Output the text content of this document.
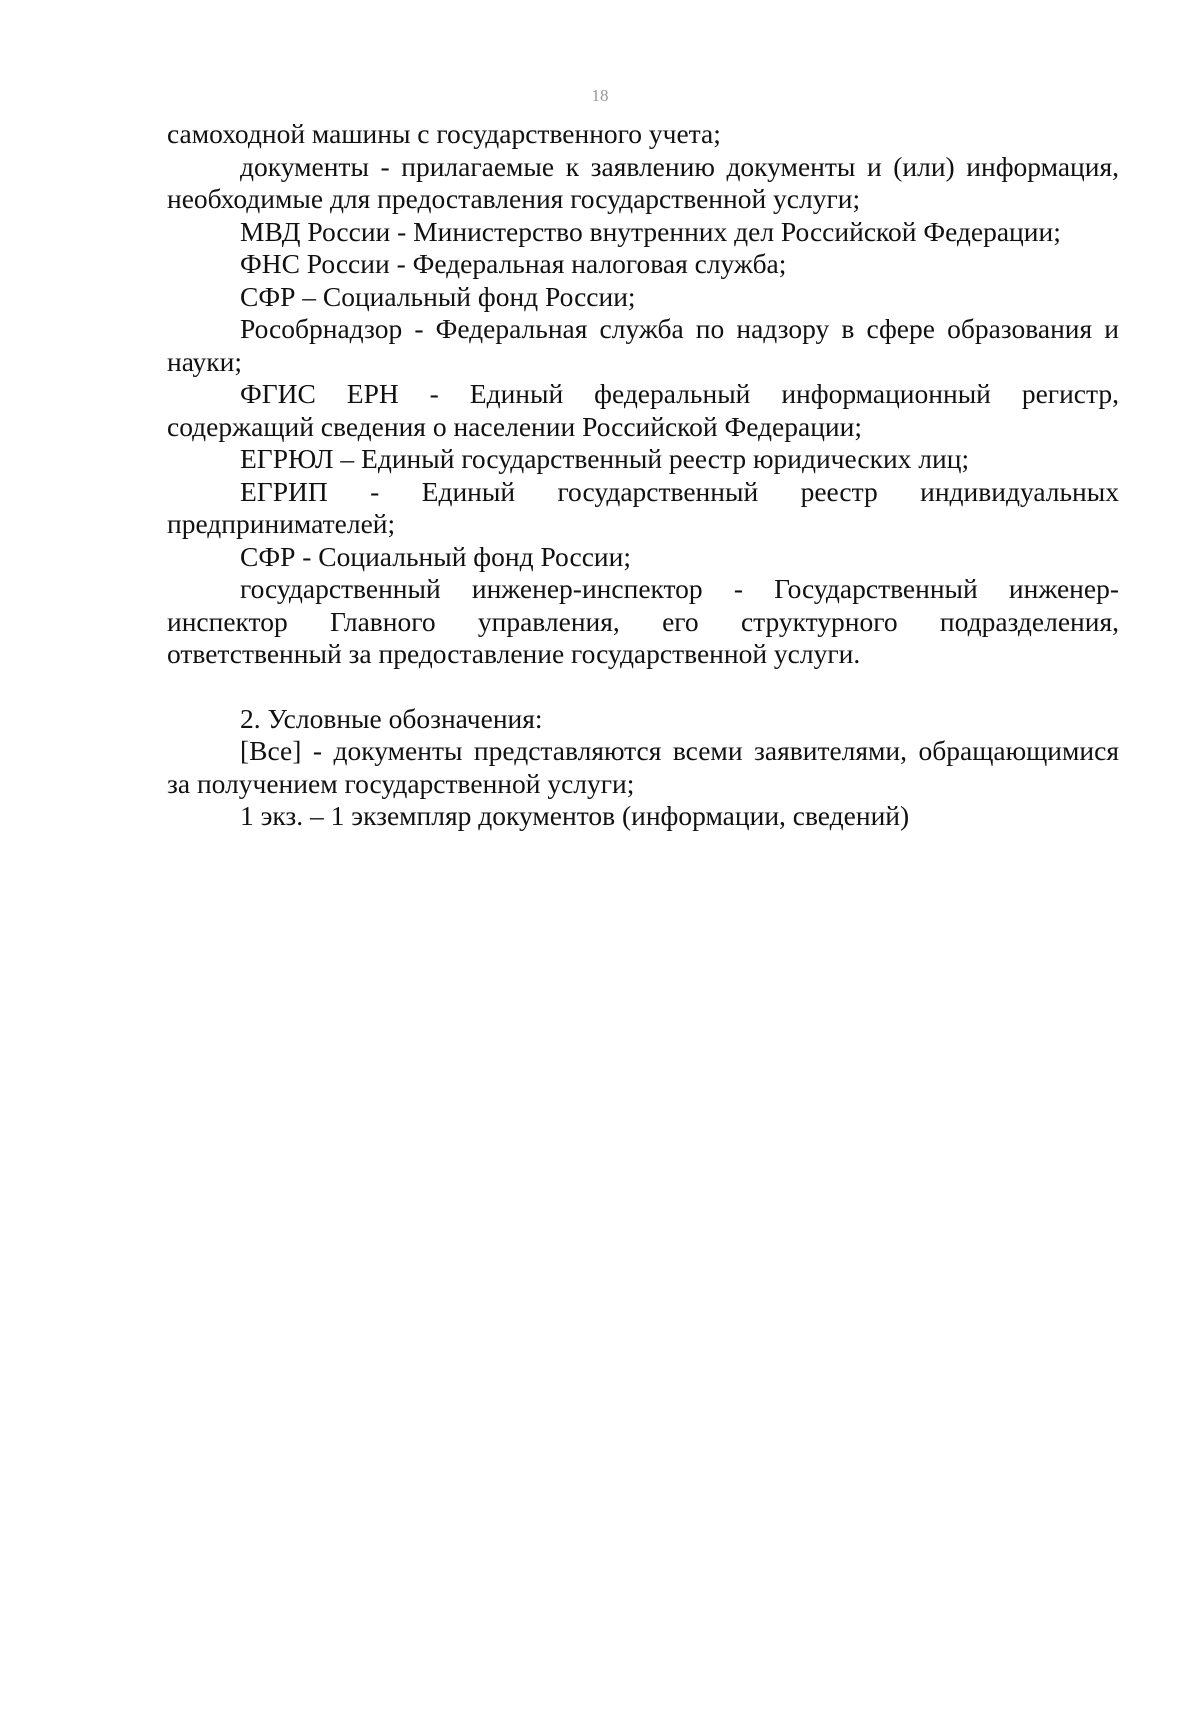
18

самоходной машины с государственного учета;

документы - прилагаемые к заявлению документы и (или) информация, необходимые для предоставления государственной услуги;

МВД России - Министерство внутренних дел Российской Федерации;

ФНС России - Федеральная налоговая служба;

СФР – Социальный фонд России;

Рособрнадзор - Федеральная служба по надзору в сфере образования и науки;

ФГИС ЕРН - Единый федеральный информационный регистр, содержащий сведения о населении Российской Федерации;

ЕГРЮЛ – Единый государственный реестр юридических лиц;

ЕГРИП - Единый государственный реестр индивидуальных предпринимателей;

СФР - Социальный фонд России;

государственный инженер-инспектор - Государственный инженер-инспектор Главного управления, его структурного подразделения, ответственный за предоставление государственной услуги.

2. Условные обозначения:

[Все] - документы представляются всеми заявителями, обращающимися за получением государственной услуги;

1 экз. – 1 экземпляр документов (информации, сведений)
